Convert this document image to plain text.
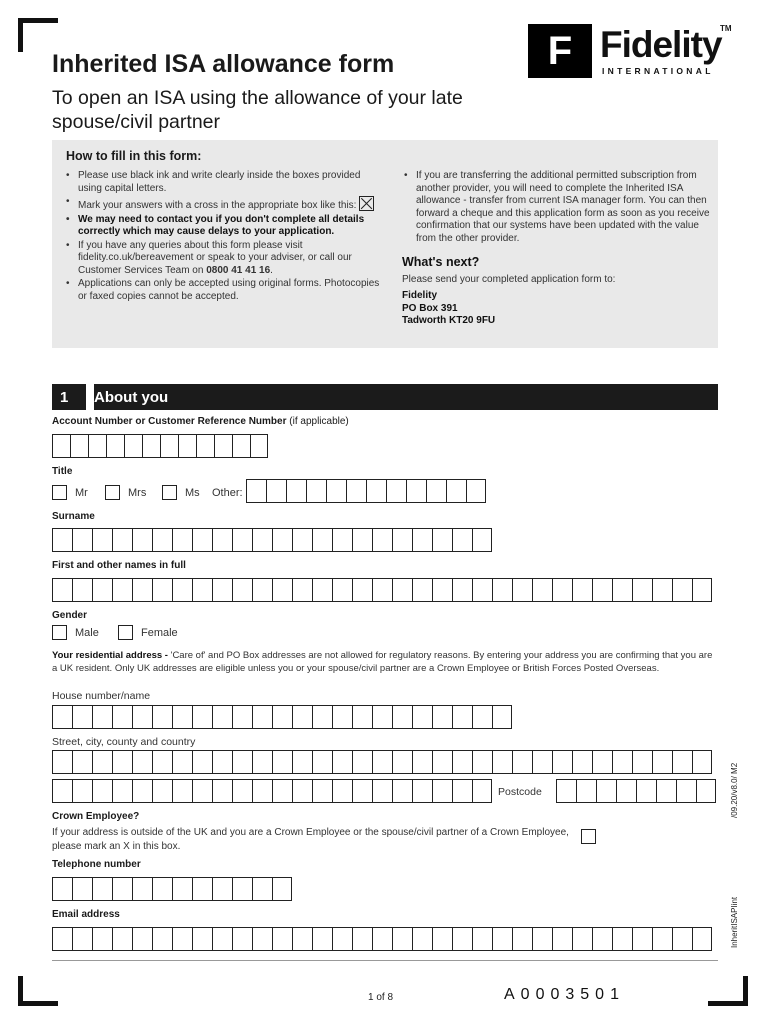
F Fidelity
TM
INTERNATIONAL
Inherited ISA allowance form
To open an ISA using the allowance of your late spouse/civil partner
How to fill in this form:
• Please use black ink and write clearly inside the boxes provided using capital letters.
• Mark your answers with a cross in the appropriate box like this:
• We may need to contact you if you don't complete all details correctly which may cause delays to your application.
• If you have any queries about this form please visit fidelity.co.uk/bereavement or speak to your adviser, or call our Customer Services Team on 0800 41 41 16.
• Applications can only be accepted using original forms. Photocopies or faxed copies cannot be accepted.
• If you are transferring the additional permitted subscription from another provider, you will need to complete the Inherited ISA allowance - transfer from current ISA manager form. You can then forward a cheque and this application form as soon as you receive confirmation that our systems have been updated with the value from the other provider.
What's next?
Please send your completed application form to:
Fidelity
PO Box 391
Tadworth KT20 9FU
1 About you
Account Number or Customer Reference Number (if applicable)
Title
Mr	Mrs	Ms Other:
Surname
First and other names in full
Gender
Male	Female
Your residential address - 'Care of' and PO Box addresses are not allowed for regulatory reasons. By entering your address you are confirming that you are a UK resident. Only UK addresses are eligible unless you or your spouse/civil partner are a Crown Employee or British Forces Posted Overseas.
House number/name
Street, city, county and country
Postcode
Crown Employee?
If your address is outside of the UK and you are a Crown Employee or the spouse/civil partner of a Crown Employee, please mark an X in this box.
Telephone number
Email address
/09.20/v8.0/ M2
InheritISAPIint
1 of 8	A0003501
